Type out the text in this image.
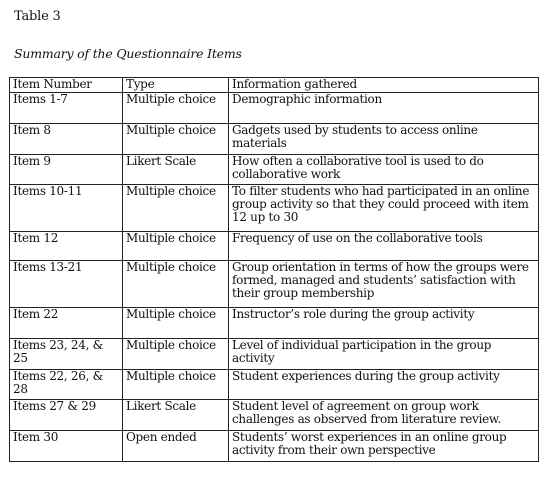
Table 3
Summary of the Questionnaire Items
Item Number	Type	Information gathered
Items 1-7	Multiple choice	Demographic information
Item 8	Multiple choice	Gadgets used by students to access online materials
Item 9	Likert Scale	How often a collaborative tool is used to do collaborative work
Items 10-11	Multiple choice	To filter students who had participated in an online group activity so that they could proceed with item 12 up to 30
Item 12	Multiple choice	Frequency of use on the collaborative tools
Items 13-21	Multiple choice	Group orientation in terms of how the groups were formed, managed and students’ satisfaction with their group membership
Item 22	Multiple choice	Instructor’s role during the group activity
Items 23, 24, & 25	Multiple choice	Level of individual participation in the group activity
Items 22, 26, & 28	Multiple choice	Student experiences during the group activity
Items 27 & 29	Likert Scale	Student level of agreement on group work challenges as observed from literature review.
Item 30	Open ended	Students’ worst experiences in an online group activity from their own perspective
